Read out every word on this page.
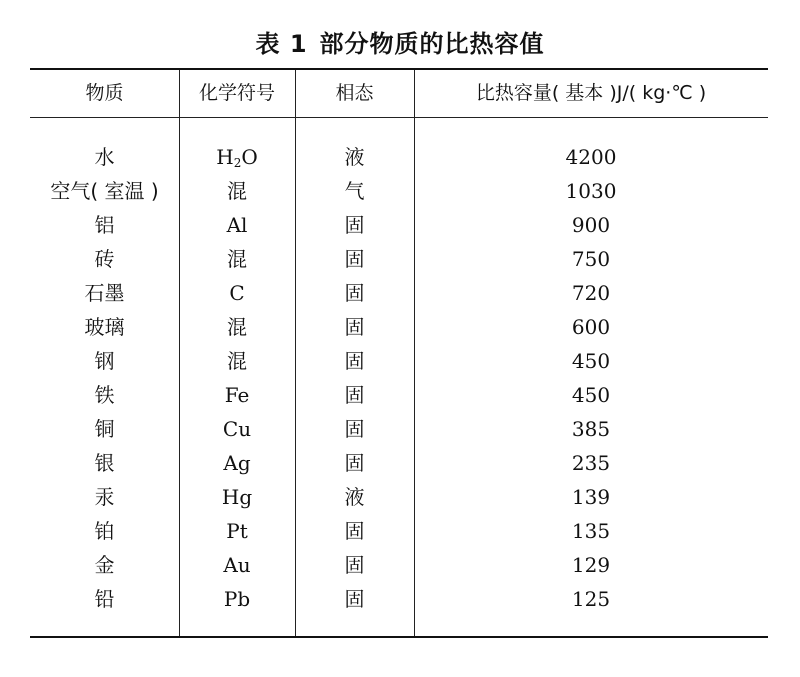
表 1 部分物质的比热容值
物质	化学符号	相态	比热容量( 基本 )J/( kg·℃ )
水	$H_2O$	液	4200
空气( 室温 )	混	气	1030
铝	Al	固	900
砖	混	固	750
石墨	C	固	720
玻璃	混	固	600
钢	混	固	450
铁	Fe	固	450
铜	Cu	固	385
银	Ag	固	235
汞	Hg	液	139
铂	Pt	固	135
金	Au	固	129
铅	Pb	固	125
